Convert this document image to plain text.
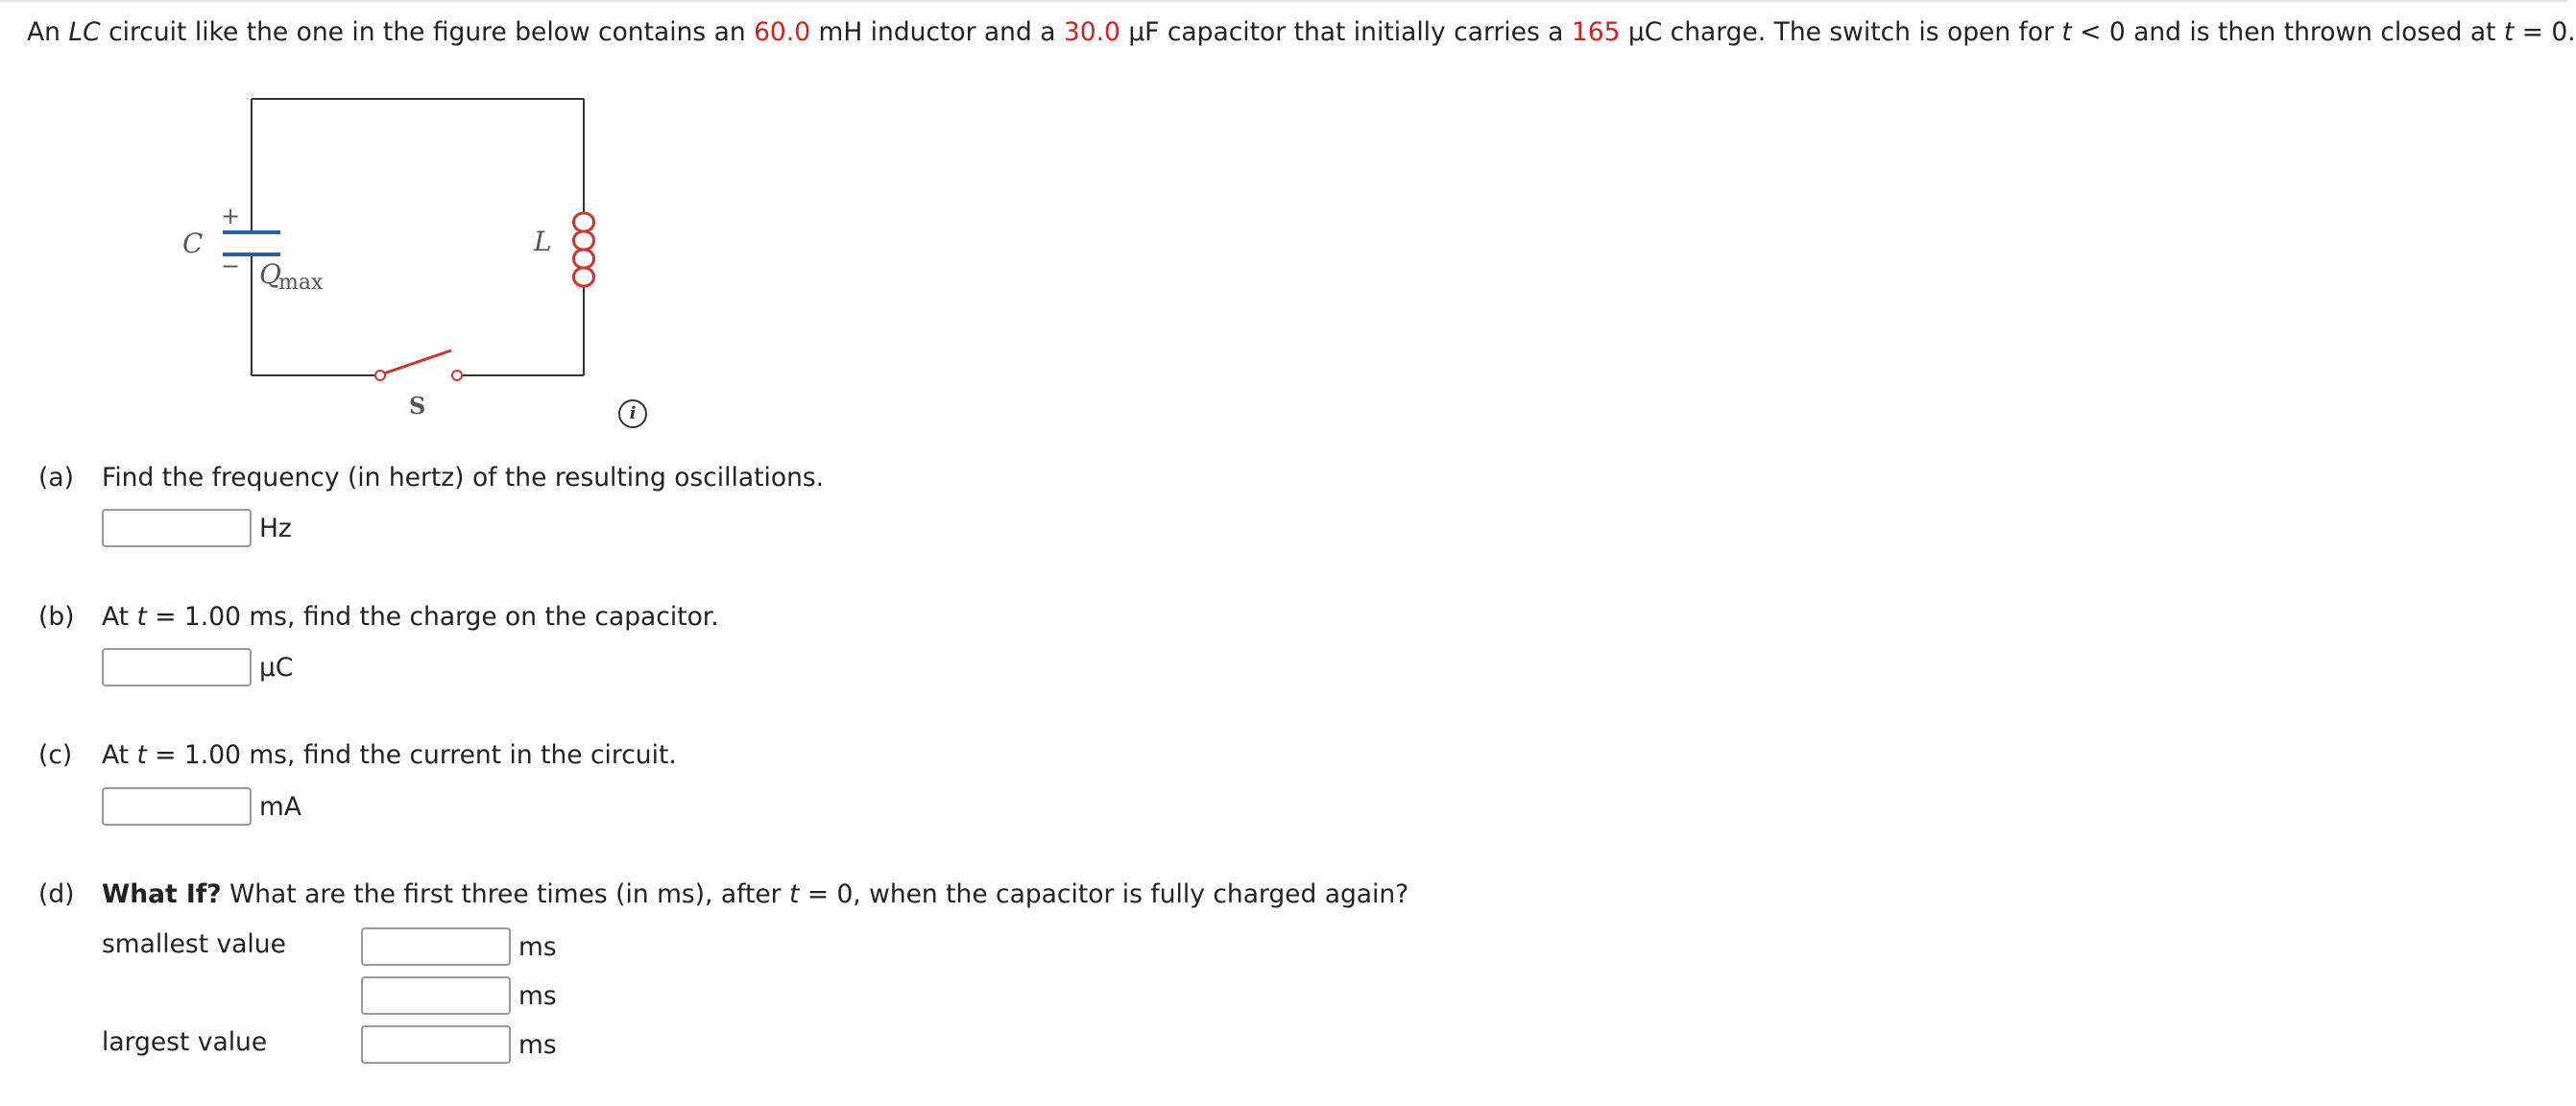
An LC circuit like the one in the figure below contains an 60.0 mH inductor and a 30.0 μF capacitor that initially carries a 165 μC charge. The switch is open for t < 0 and is then thrown closed at t = 0.
C
+
− Q
max
L
S	i
(a) Find the frequency (in hertz) of the resulting oscillations.
Hz
(b) At t = 1.00 ms, find the charge on the capacitor.
μC
(c) At t = 1.00 ms, find the current in the circuit.
mA
(d) What If? What are the first three times (in ms), after t = 0, when the capacitor is fully charged again?
smallest value	ms
ms
largest value	ms
